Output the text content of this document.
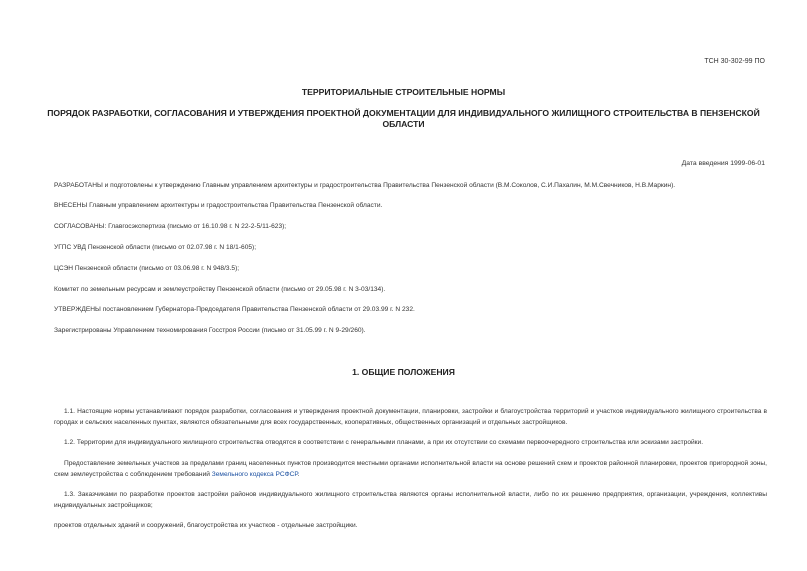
ТСН 30-302-99 ПО
ТЕРРИТОРИАЛЬНЫЕ СТРОИТЕЛЬНЫЕ НОРМЫ
ПОРЯДОК РАЗРАБОТКИ, СОГЛАСОВАНИЯ И УТВЕРЖДЕНИЯ ПРОЕКТНОЙ ДОКУМЕНТАЦИИ ДЛЯ ИНДИВИДУАЛЬНОГО ЖИЛИЩНОГО СТРОИТЕЛЬСТВА В ПЕНЗЕНСКОЙ ОБЛАСТИ
Дата введения 1999-06-01
РАЗРАБОТАНЫ и подготовлены к утверждению Главным управлением архитектуры и градостроительства Правительства Пензенской области (В.М.Соколов, С.И.Пахалин, М.М.Свечников, Н.В.Маркин).
ВНЕСЕНЫ Главным управлением архитектуры и градостроительства Правительства Пензенской области.
СОГЛАСОВАНЫ: Главгосэкспертиза (письмо от 16.10.98 г. N 22-2-5/11-623);
УГПС УВД Пензенской области (письмо от 02.07.98 г. N 18/1-605);
ЦСЭН Пензенской области (письмо от 03.06.98 г. N 948/3.5);
Комитет по земельным ресурсам и землеустройству Пензенской области (письмо от 29.05.98 г. N 3-03/134).
УТВЕРЖДЕНЫ постановлением Губернатора-Председателя Правительства Пензенской области от 29.03.99 г. N 232.
Зарегистрированы Управлением техномирования Госстроя России (письмо от 31.05.99 г. N 9-29/260).
1. ОБЩИЕ ПОЛОЖЕНИЯ
1.1. Настоящие нормы устанавливают порядок разработки, согласования и утверждения проектной документации, планировки, застройки и благоустройства территорий и участков индивидуального жилищного строительства в городах и сельских населенных пунктах, являются обязательными для всех государственных, кооперативных, общественных организаций и отдельных застройщиков.
1.2. Территории для индивидуального жилищного строительства отводятся в соответствии с генеральными планами, а при их отсутствии со схемами первоочередного строительства или эскизами застройки.
Предоставление земельных участков за пределами границ населенных пунктов производится местными органами исполнительной власти на основе решений схем и проектов районной планировки, проектов пригородной зоны, схем землеустройства с соблюдением требований Земельного кодекса РСФСР.
1.3. Заказчиками по разработке проектов застройки районов индивидуального жилищного строительства являются органы исполнительной власти, либо по их решению предприятия, организации, учреждения, коллективы индивидуальных застройщиков;
проектов отдельных зданий и сооружений, благоустройства их участков - отдельные застройщики.
